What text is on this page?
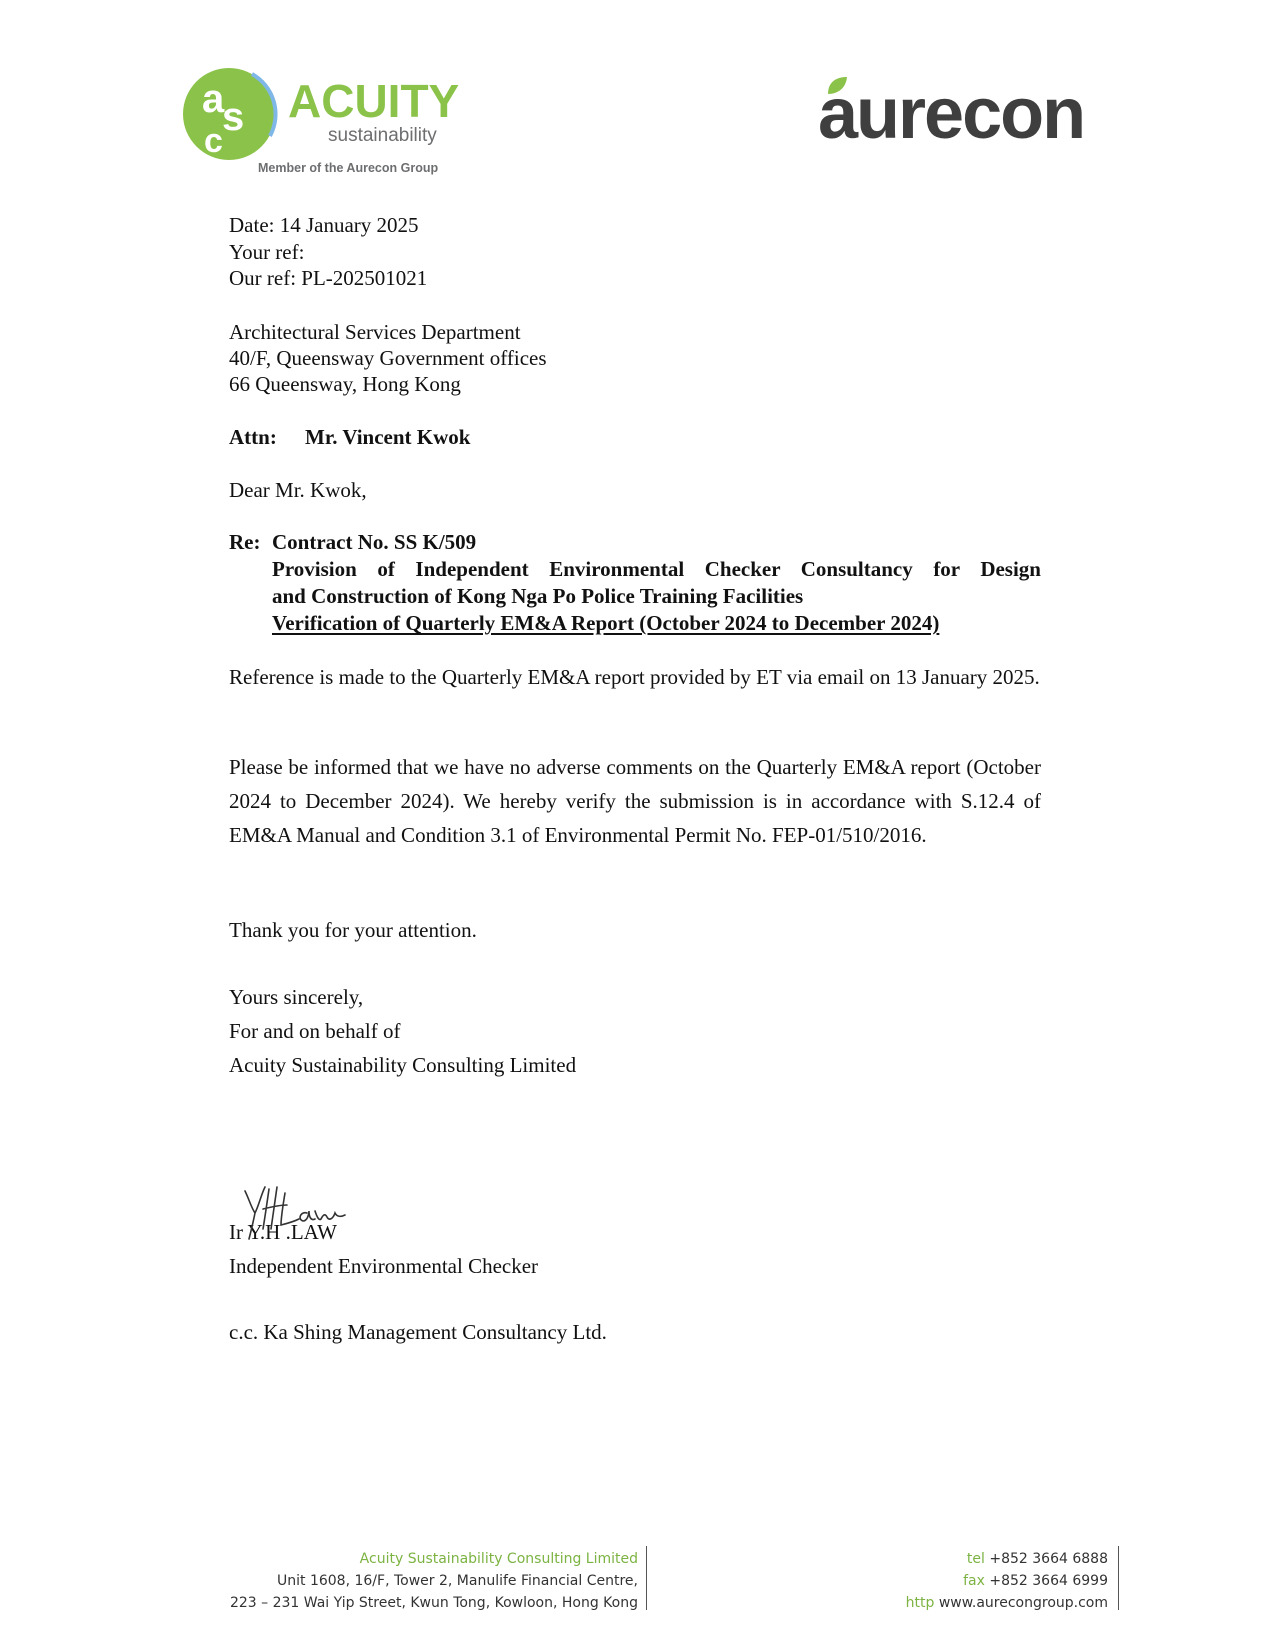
a
s
c
ACUITY
sustainability
Member of the Aurecon Group
aurecon
Date: 14 January 2025
Your ref:
Our ref: PL-202501021
Architectural Services Department
40/F, Queensway Government offices
66 Queensway, Hong Kong
Attn: Mr. Vincent Kwok
Dear Mr. Kwok,
Re: Contract No. SS K/509
Provision of Independent Environmental Checker Consultancy for Design
and Construction of Kong Nga Po Police Training Facilities
Verification of Quarterly EM&A Report (October 2024 to December 2024)
Reference is made to the Quarterly EM&A report provided by ET via email on 13 January 2025.
Please be informed that we have no adverse comments on the Quarterly EM&A report (October 2024 to December 2024). We hereby verify the submission is in accordance with S.12.4 of EM&A Manual and Condition 3.1 of Environmental Permit No. FEP-01/510/2016.
Thank you for your attention.
Yours sincerely,
For and on behalf of
Acuity Sustainability Consulting Limited
Ir Y.H .LAW
Independent Environmental Checker
c.c. Ka Shing Management Consultancy Ltd.
Acuity Sustainability Consulting Limited
Unit 1608, 16/F, Tower 2, Manulife Financial Centre,
223 – 231 Wai Yip Street, Kwun Tong, Kowloon, Hong Kong
tel +852 3664 6888
fax +852 3664 6999
http www.aurecongroup.com
